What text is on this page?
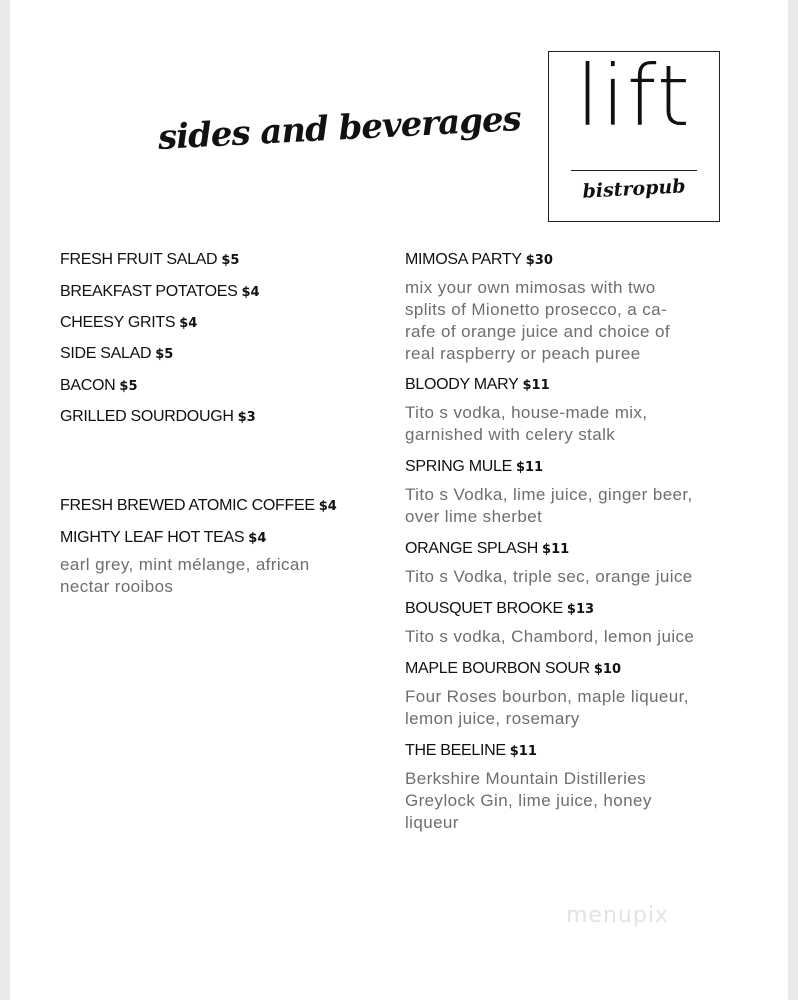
sides and beverages lift
bistropub
FRESH FRUIT SALAD $5
BREAKFAST POTATOES $4
CHEESY GRITS $4
SIDE SALAD $5
BACON $5
GRILLED SOURDOUGH $3
FRESH BREWED ATOMIC COFFEE $4
MIGHTY LEAF HOT TEAS $4
earl grey, mint mélange, african
nectar rooibos
MIMOSA PARTY $30
mix your own mimosas with two
splits of Mionetto prosecco, a ca-
rafe of orange juice and choice of
real raspberry or peach puree
BLOODY MARY $11
Tito s vodka, house-made mix,
garnished with celery stalk
SPRING MULE $11
Tito s Vodka, lime juice, ginger beer,
over lime sherbet
ORANGE SPLASH $11
Tito s Vodka, triple sec, orange juice
BOUSQUET BROOKE $13
Tito s vodka, Chambord, lemon juice
MAPLE BOURBON SOUR $10
Four Roses bourbon, maple liqueur,
lemon juice, rosemary
THE BEELINE $11
Berkshire Mountain Distilleries
Greylock Gin, lime juice, honey
liqueur
menupix
